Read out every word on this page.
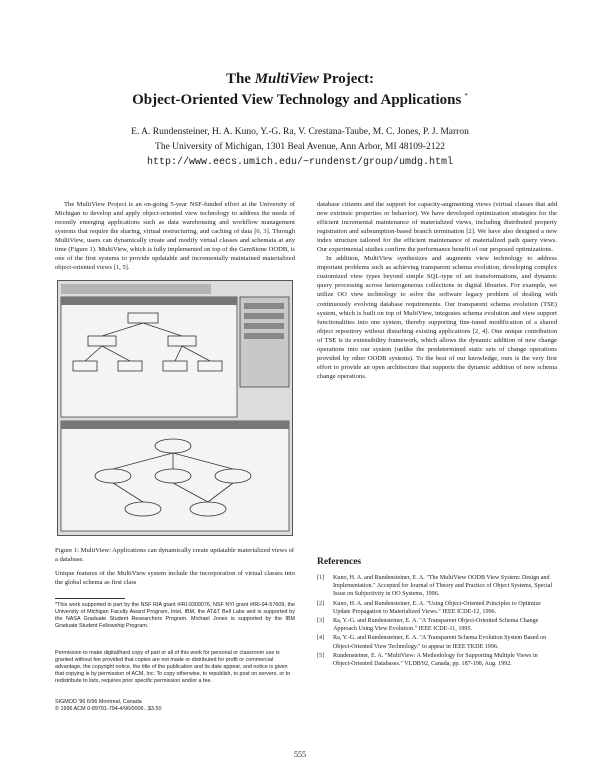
The MultiView Project:
Object-Oriented View Technology and Applications *
E. A. Rundensteiner, H. A. Kuno, Y.-G. Ra, V. Crestana-Taube, M. C. Jones, P. J. Marron
The University of Michigan, 1301 Beal Avenue, Ann Arbor, MI 48109-2122
http://www.eecs.umich.edu/~rundenst/group/umdg.html

The MultiView Project is an on-going 5-year NSF-funded effort at the University of Michigan to develop and apply object-oriented view technology to address the needs of recently emerging applications such as data warehousing and workflow management systems that require the sharing, virtual restructuring, and caching of data [6, 3]. Through MultiView, users can dynamically create and modify virtual classes and schemata at any time (Figure 1). MultiView, which is fully implemented on top of the GemStone OODB, is one of the first systems to provide updatable and incrementally maintained materialized object-oriented views [1, 5].

Figure 1: MultiView: Applications can dynamically create updatable materialized views of a database.
Unique features of the MultiView system include the incorporation of virtual classes into the global schema as first class
*This work supported in part by the NSF RIA grant #IRI-9309076, NSF NYI grant #IRI-94-57609, the University of Michigan Faculty Award Program, Intel, IBM, the AT&T Bell Labs and is supported by the NASA Graduate Student Researchers Program. Michael Jones is supported by the IBM Graduate Student Fellowship Program.
Permission to make digital/hard copy of part or all of this work for personal or classroom use is granted without fee provided that copies are not made or distributed for profit or commercial advantage, the copyright notice, the title of the publication and its date appear, and notice is given that copying is by permission of ACM, Inc. To copy otherwise, to republish, to post on servers, or to redistribute to lists, requires prior specific permission and/or a fee.
SIGMOD '96 6/96 Montreal, Canada
© 1996 ACM 0-89791-794-4/96/0006...$3.50

database citizens and the support for capacity-augmenting views (virtual classes that add new extrinsic properties or behavior). We have developed optimization strategies for the efficient incremental maintenance of materialized views, including distributed property registration and subsumption-based branch termination [2]. We have also designed a new index structure tailored for the efficient maintenance of materialized path query views. Our experimental studies confirm the performance benefit of our proposed optimizations.

In addition, MultiView synthesizes and augments view technology to address important problems such as achieving transparent schema evolution, developing complex customized view types beyond simple SQL-type of set transformations, and dynamic query processing across heterogeneous collections in digital libraries. For example, we utilize OO view technology to solve the software legacy problem of dealing with continuously evolving database requirements. Our transparent schema evolution (TSE) system, which is built on top of MultiView, integrates schema evolution and view support functionalities into one system, thereby supporting fine-tuned modification of a shared object repository without disturbing existing applications [2, 4]. One unique contribution of TSE is its extensibility framework, which allows the dynamic addition of new change operations into our system (unlike the predetermined static sets of change operations provided by other OODB systems). To the best of our knowledge, ours is the very first effort to provide an open architecture that supports the dynamic addition of new schema change operations.

References
[1] Kuno, H. A. and Rundensteiner, E. A. "The MultiView OODB View System: Design and Implementation." Accepted for Journal of Theory and Practice of Object Systems, Special Issue on Subjectivity in OO Systems, 1996.
[2] Kuno, H. A. and Rundensteiner, E. A. "Using Object-Oriented Principles to Optimize Update Propagation to Materialized Views." IEEE ICDE-12, 1996.
[3] Ra, Y.-G. and Rundensteiner, E. A. "A Transparent Object-Oriented Schema Change Approach Using View Evolution." IEEE ICDE-11, 1995.
[4] Ra, Y.-G. and Rundensteiner, E. A. "A Transparent Schema Evolution System Based on Object-Oriented View Technology." to appear in IEEE TKDE 1996.
[5] Rundensteiner, E. A. "MultiView: A Methodology for Supporting Multiple Views in Object-Oriented Databases." VLDB'92, Canada, pp. 187-198, Aug. 1992.
555
